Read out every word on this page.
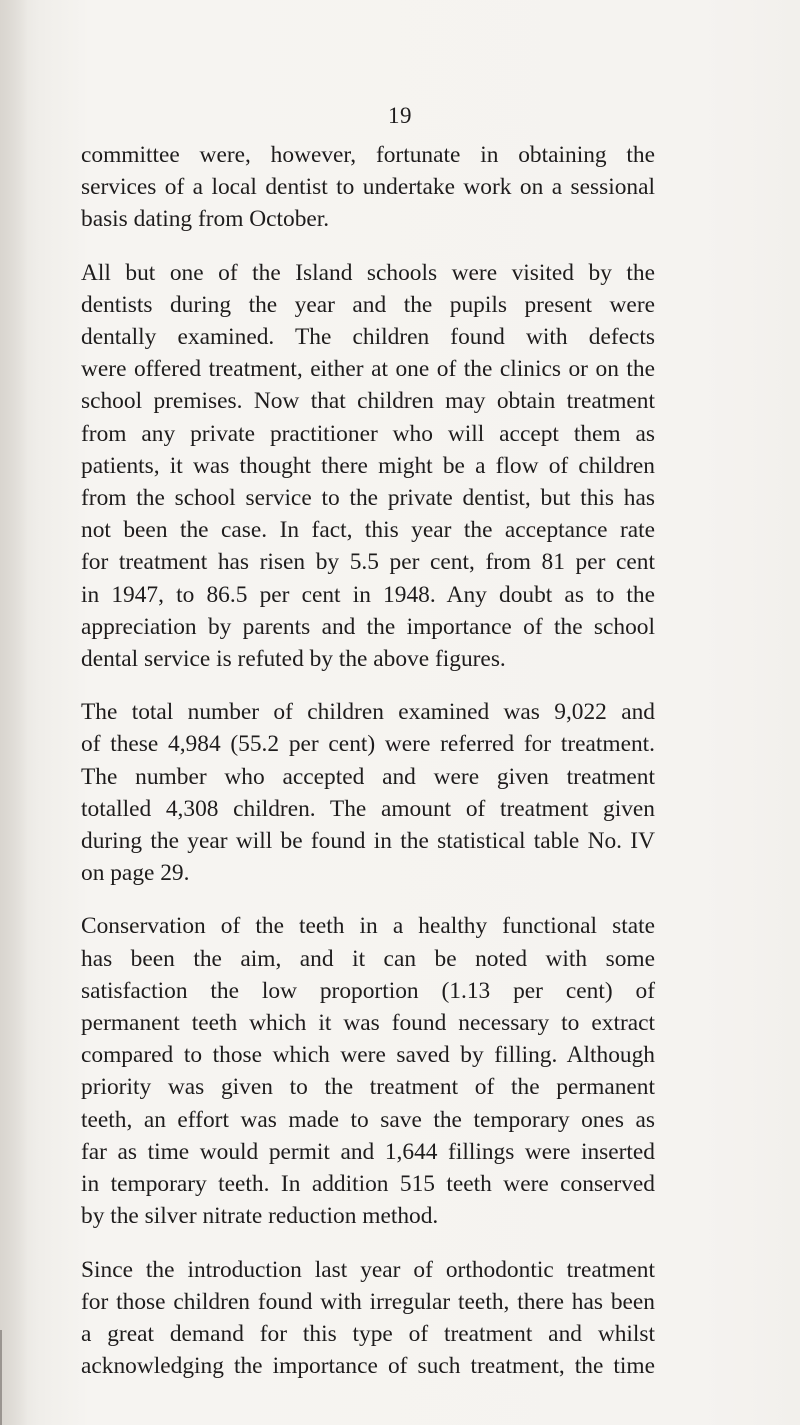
19
committee were, however, fortunate in obtaining the
services of a local dentist to undertake work on a sessional
basis dating from October.
All but one of the Island schools were visited by the
dentists during the year and the pupils present were
dentally examined. The children found with defects
were offered treatment, either at one of the clinics or on the
school premises. Now that children may obtain treatment
from any private practitioner who will accept them as
patients, it was thought there might be a flow of children
from the school service to the private dentist, but this has
not been the case. In fact, this year the acceptance rate
for treatment has risen by 5.5 per cent, from 81 per cent
in 1947, to 86.5 per cent in 1948. Any doubt as to the
appreciation by parents and the importance of the school
dental service is refuted by the above figures.
The total number of children examined was 9,022 and
of these 4,984 (55.2 per cent) were referred for treatment.
The number who accepted and were given treatment
totalled 4,308 children. The amount of treatment given
during the year will be found in the statistical table No. IV
on page 29.
Conservation of the teeth in a healthy functional state
has been the aim, and it can be noted with some
satisfaction the low proportion (1.13 per cent) of
permanent teeth which it was found necessary to extract
compared to those which were saved by filling. Although
priority was given to the treatment of the permanent
teeth, an effort was made to save the temporary ones as
far as time would permit and 1,644 fillings were inserted
in temporary teeth. In addition 515 teeth were conserved
by the silver nitrate reduction method.
Since the introduction last year of orthodontic treatment
for those children found with irregular teeth, there has been
a great demand for this type of treatment and whilst
acknowledging the importance of such treatment, the time
